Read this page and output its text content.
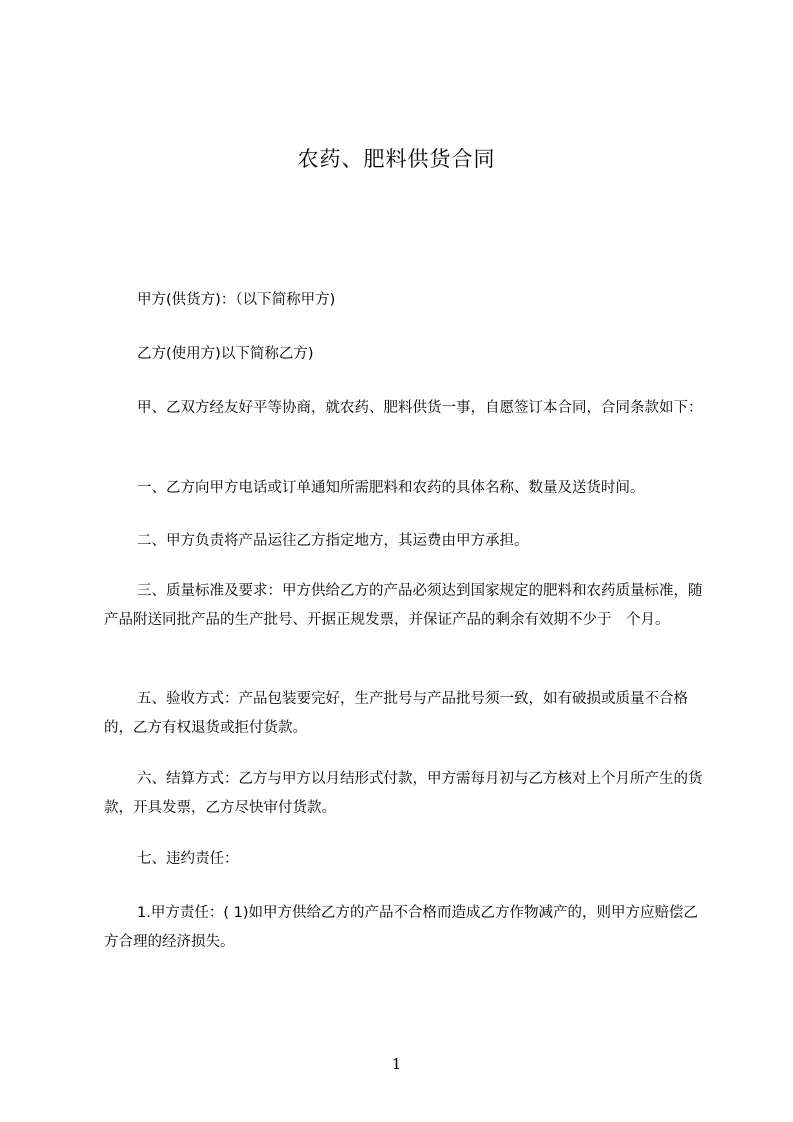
农药、肥料供货合同

甲方(供货方)：（以下简称甲方)

乙方(使用方)以下简称乙方)

甲、乙双方经友好平等协商，就农药、肥料供货一事，自愿签订本合同，合同条款如下：

一、乙方向甲方电话或订单通知所需肥料和农药的具体名称、数量及送货时间。

二、甲方负责将产品运往乙方指定地方，其运费由甲方承担。

三、质量标准及要求：甲方供给乙方的产品必须达到国家规定的肥料和农药质量标准，随产品附送同批产品的生产批号、开据正规发票，并保证产品的剩余有效期不少于　个月。

五、验收方式：产品包装要完好，生产批号与产品批号须一致，如有破损或质量不合格的，乙方有权退货或拒付货款。

六、结算方式：乙方与甲方以月结形式付款，甲方需每月初与乙方核对上个月所产生的货款，开具发票，乙方尽快审付货款。

七、违约责任：

1.甲方责任：( 1)如甲方供给乙方的产品不合格而造成乙方作物减产的，则甲方应赔偿乙方合理的经济损失。

1
